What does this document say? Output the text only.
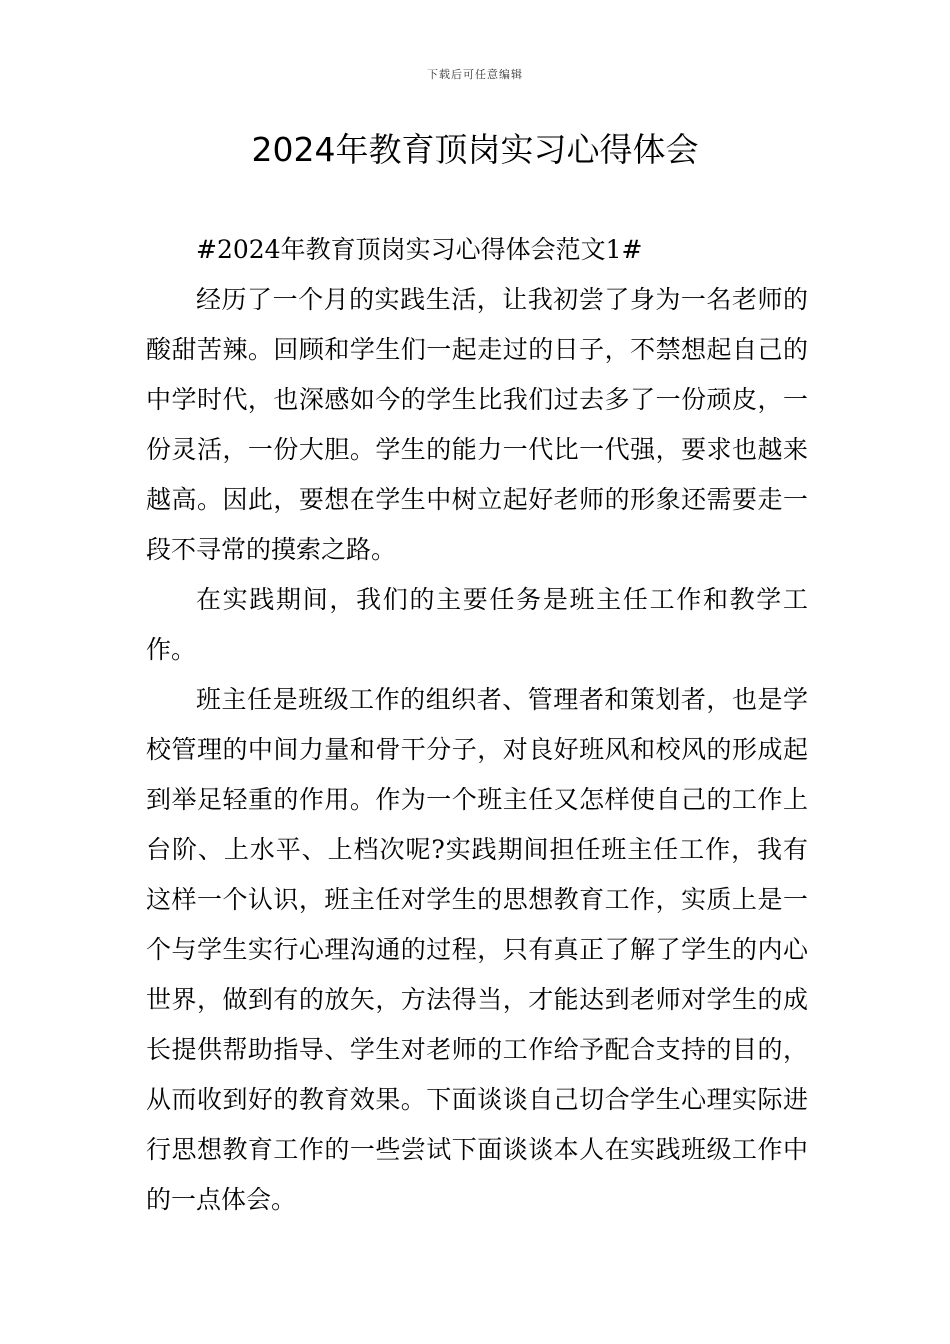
下载后可任意编辑
2024年教育顶岗实习心得体会

#2024年教育顶岗实习心得体会范文1#

经历了一个月的实践生活，让我初尝了身为一名老师的酸甜苦辣。回顾和学生们一起走过的日子，不禁想起自己的中学时代，也深感如今的学生比我们过去多了一份顽皮，一份灵活，一份大胆。学生的能力一代比一代强，要求也越来越高。因此，要想在学生中树立起好老师的形象还需要走一段不寻常的摸索之路。

在实践期间，我们的主要任务是班主任工作和教学工作。

班主任是班级工作的组织者、管理者和策划者，也是学校管理的中间力量和骨干分子，对良好班风和校风的形成起到举足轻重的作用。作为一个班主任又怎样使自己的工作上台阶、上水平、上档次呢?实践期间担任班主任工作，我有这样一个认识，班主任对学生的思想教育工作，实质上是一个与学生实行心理沟通的过程，只有真正了解了学生的内心世界，做到有的放矢，方法得当，才能达到老师对学生的成长提供帮助指导、学生对老师的工作给予配合支持的目的，从而收到好的教育效果。下面谈谈自己切合学生心理实际进行思想教育工作的一些尝试下面谈谈本人在实践班级工作中的一点体会。
